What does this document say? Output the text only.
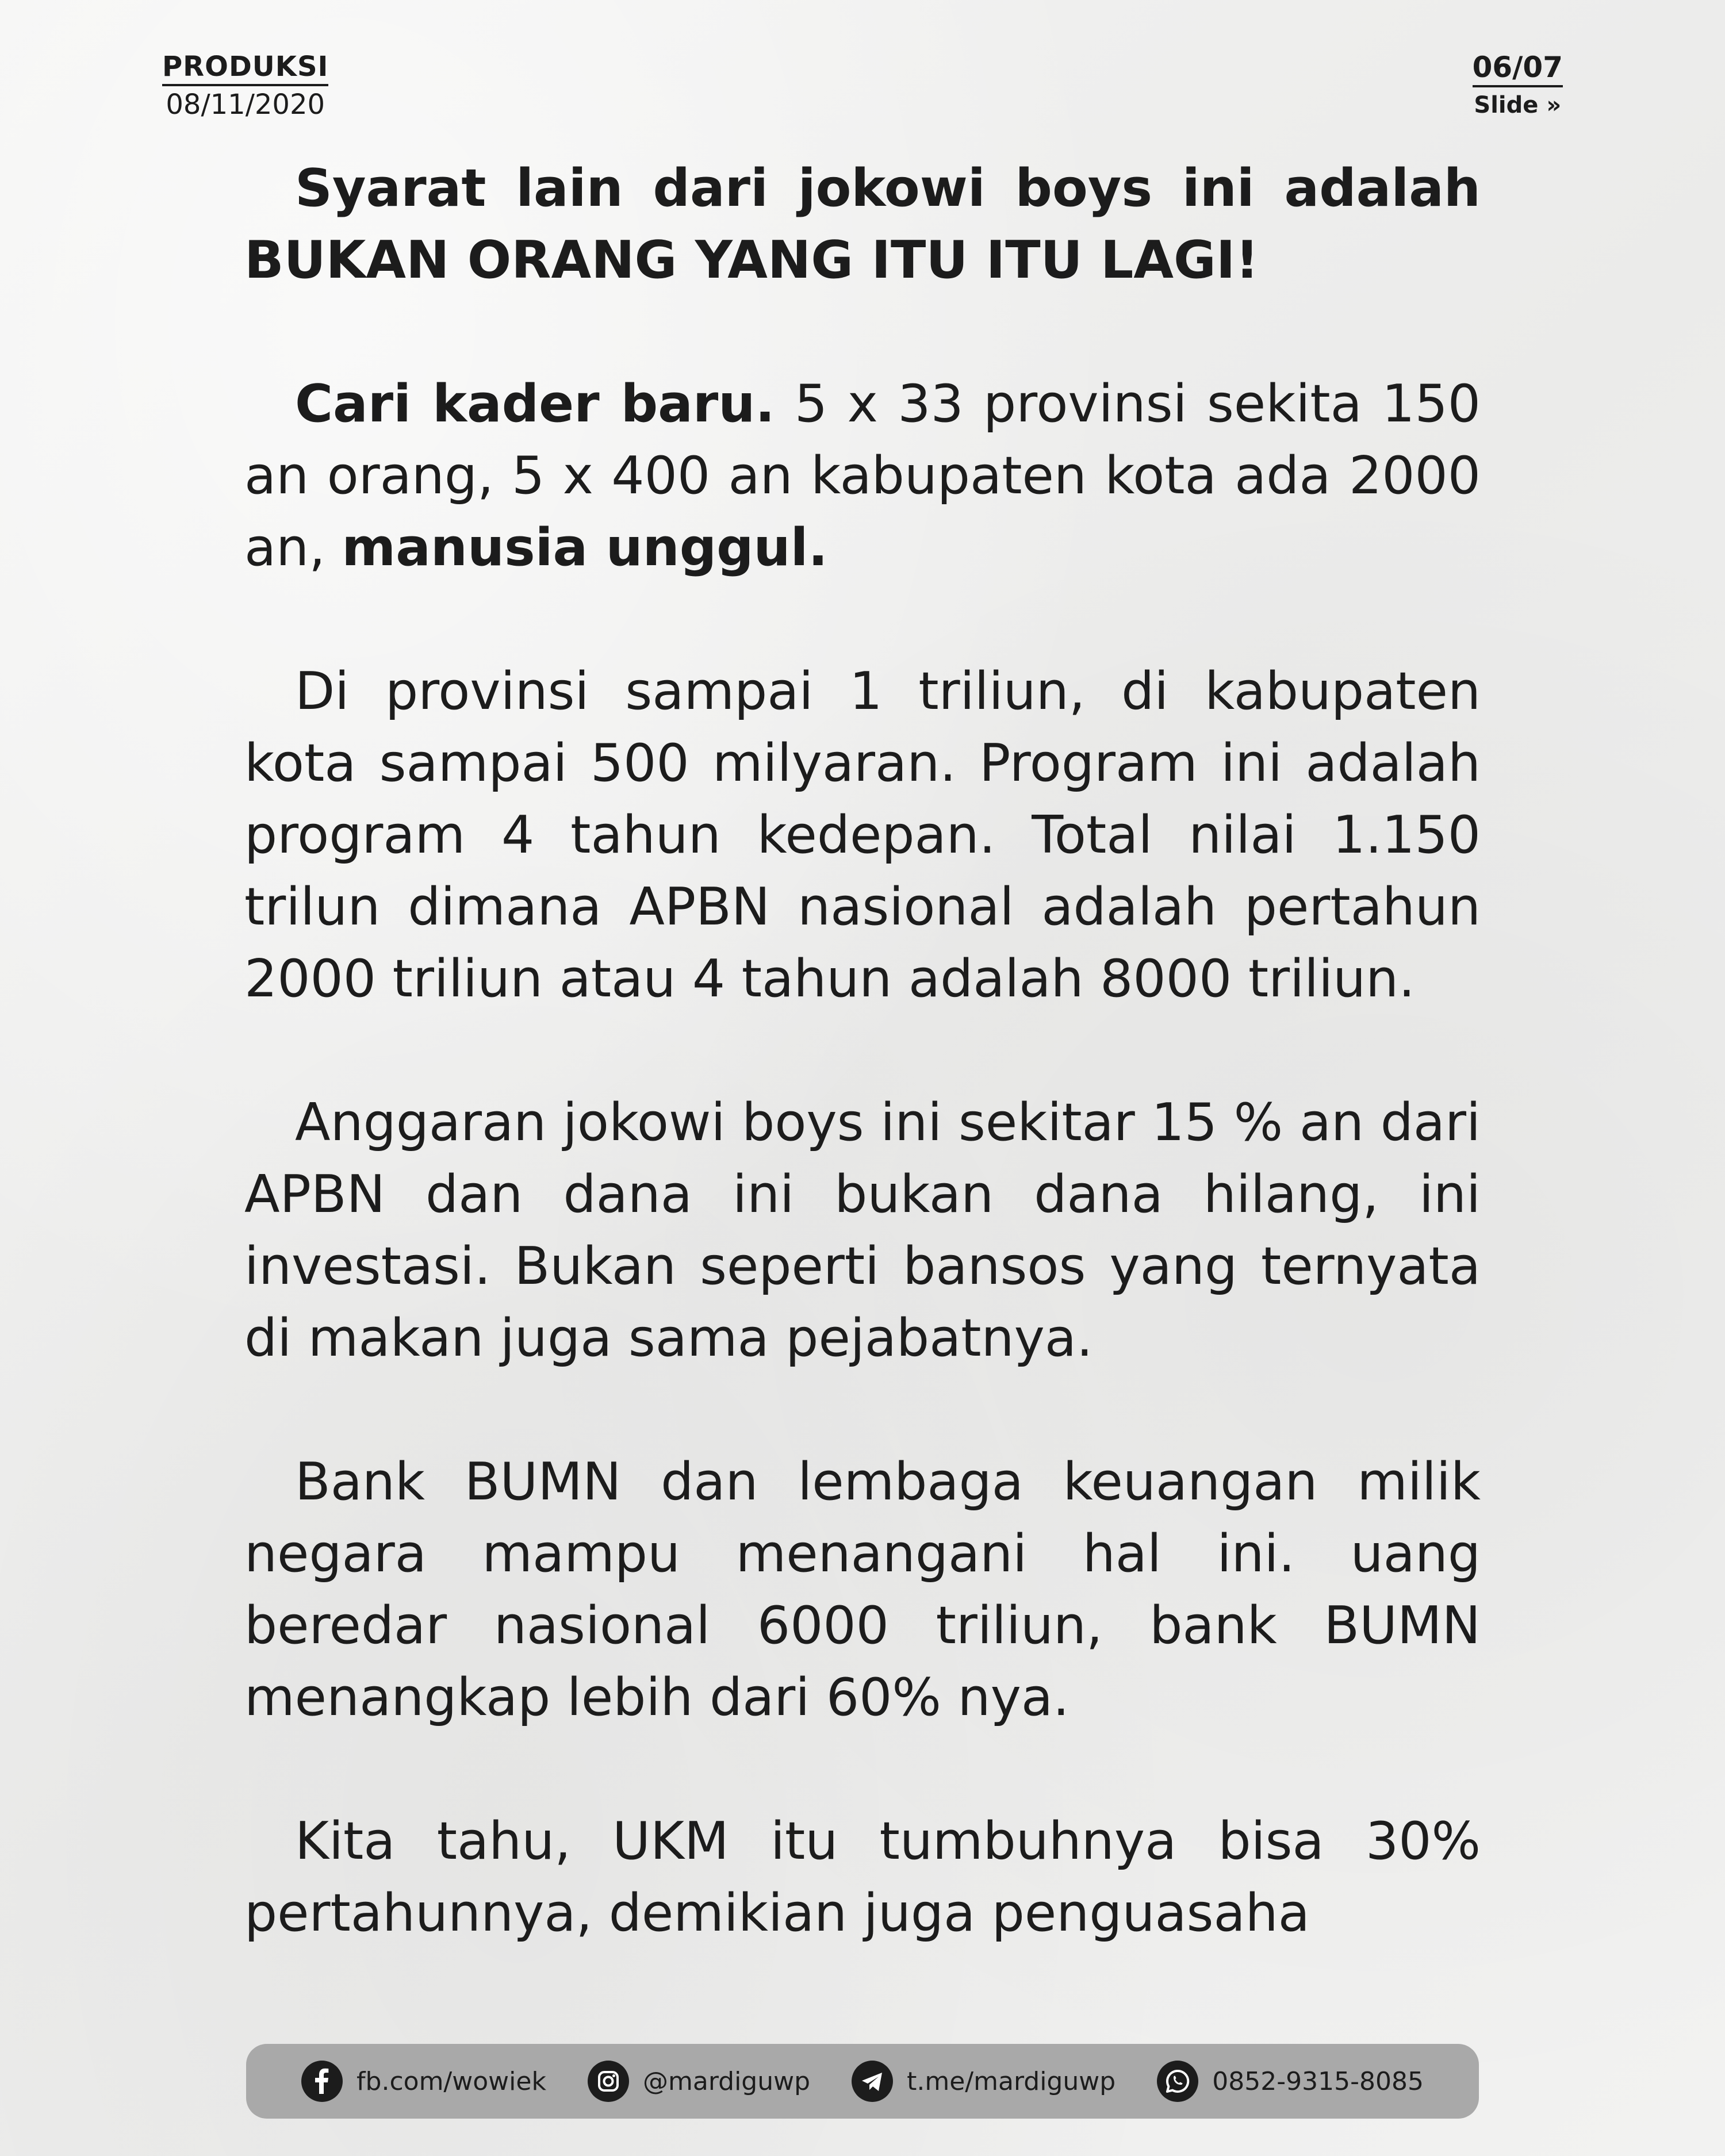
PRODUKSI
08/11/2020
06/07
Slide »

Syarat lain dari jokowi boys ini adalah BUKAN ORANG YANG ITU ITU LAGI!

Cari kader baru. 5 x 33 provinsi sekita 150 an orang, 5 x 400 an kabupaten kota ada 2000 an, manusia unggul.

Di provinsi sampai 1 triliun, di kabupaten kota sampai 500 milyaran. Program ini adalah program 4 tahun kedepan. Total nilai 1.150 trilun dimana APBN nasional adalah pertahun 2000 triliun atau 4 tahun adalah 8000 triliun.

Anggaran jokowi boys ini sekitar 15 % an dari APBN dan dana ini bukan dana hilang, ini investasi. Bukan seperti bansos yang ternyata di makan juga sama pejabatnya.

Bank BUMN dan lembaga keuangan milik negara mampu menangani hal ini. uang beredar nasional 6000 triliun, bank BUMN menangkap lebih dari 60% nya.

Kita tahu, UKM itu tumbuhnya bisa 30% pertahunnya, demikian juga penguasaha

fb.com/wowiek	@mardiguwp	t.me/mardiguwp	0852-9315-8085
